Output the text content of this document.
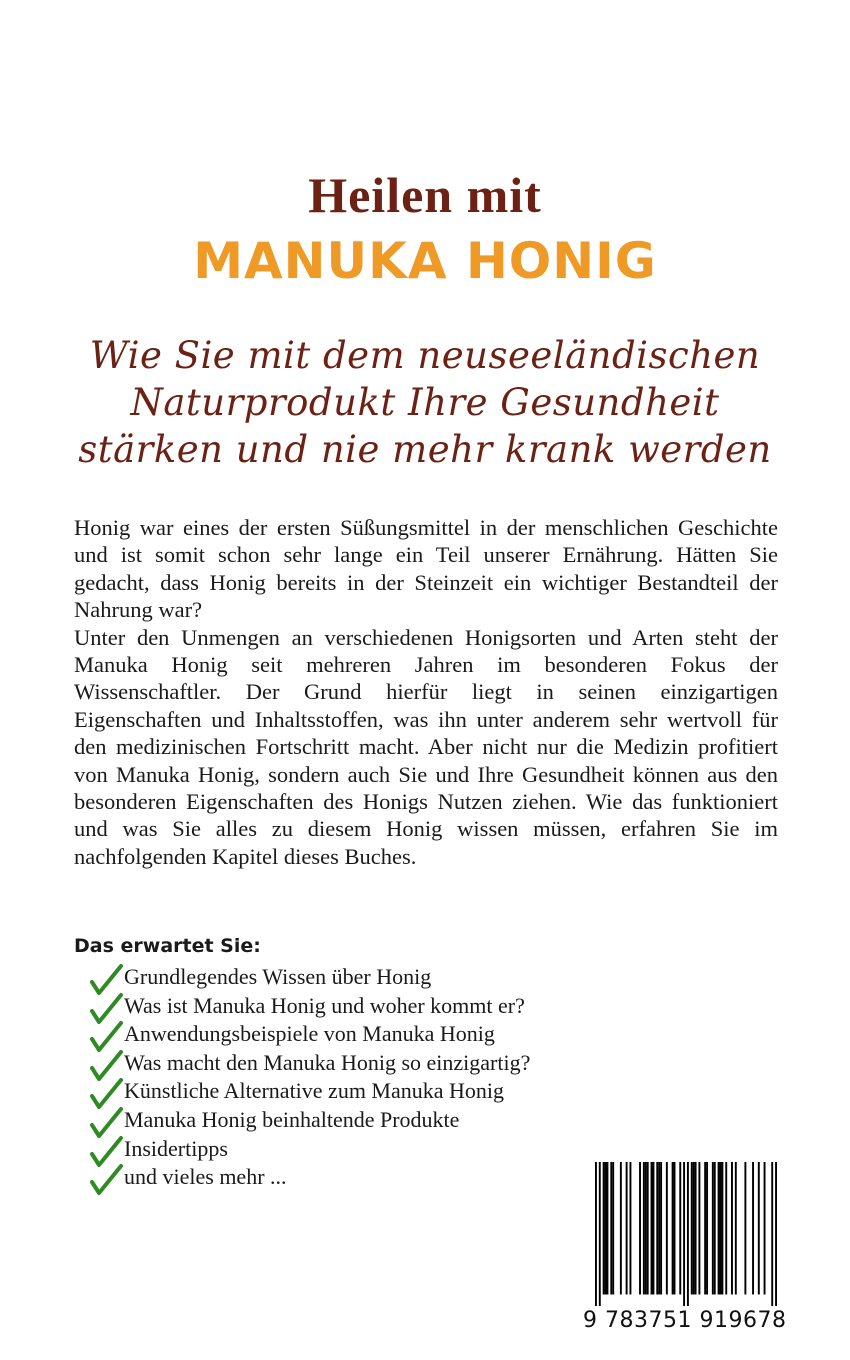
Heilen mit
MANUKA HONIG
Wie Sie mit dem neuseeländischen
Naturprodukt Ihre Gesundheit
stärken und nie mehr krank werden

Honig war eines der ersten Süßungsmittel in der menschlichen Geschichte und ist somit schon sehr lange ein Teil unserer Ernährung. Hätten Sie gedacht, dass Honig bereits in der Steinzeit ein wichtiger Bestandteil der Nahrung war?

Unter den Unmengen an verschiedenen Honigsorten und Arten steht der Manuka Honig seit mehreren Jahren im besonderen Fokus der Wissenschaftler. Der Grund hierfür liegt in seinen einzigartigen Eigenschaften und Inhaltsstoffen, was ihn unter anderem sehr wertvoll für den medizinischen Fortschritt macht. Aber nicht nur die Medizin profitiert von Manuka Honig, sondern auch Sie und Ihre Gesundheit können aus den besonderen Eigenschaften des Honigs Nutzen ziehen. Wie das funktioniert und was Sie alles zu diesem Honig wissen müssen, erfahren Sie im nachfolgenden Kapitel dieses Buches.

Das erwartet Sie:
Grundlegendes Wissen über Honig
Was ist Manuka Honig und woher kommt er?
Anwendungsbeispiele von Manuka Honig
Was macht den Manuka Honig so einzigartig?
Künstliche Alternative zum Manuka Honig
Manuka Honig beinhaltende Produkte
Insidertipps
und vieles mehr ...
9 783751 919678
